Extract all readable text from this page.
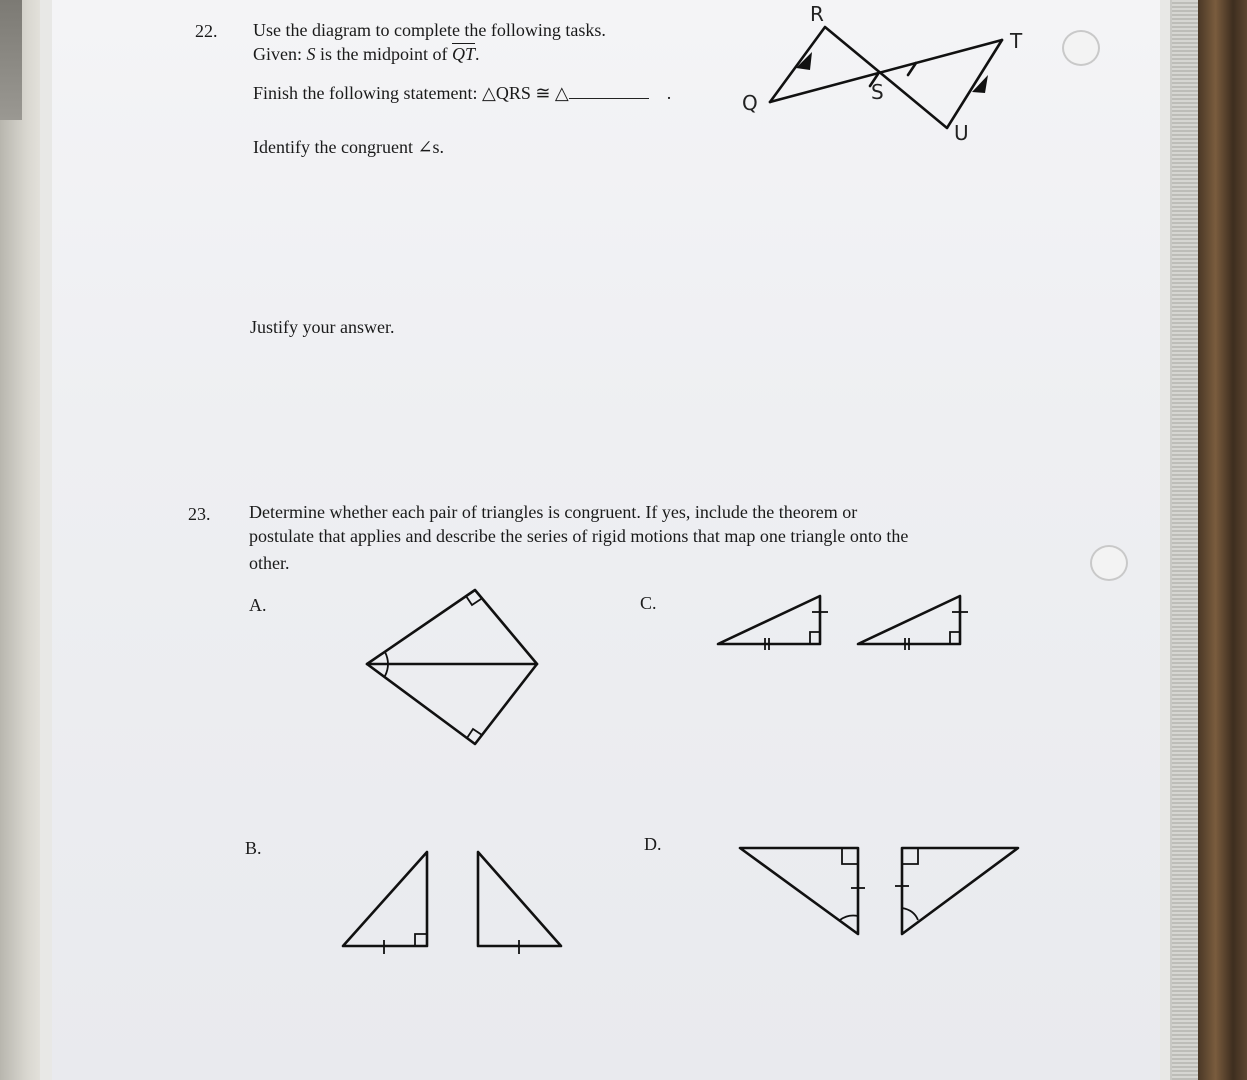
22. Use the diagram to complete the following tasks.
Given: S is the midpoint of $\overline{QT}$.
Finish the following statement: △QRS ≅ △	.
Identify the congruent ∠s.
Justify your answer.
R
T
Q	S
U
23. Determine whether each pair of triangles is congruent. If yes, include the theorem or
postulate that applies and describe the series of rigid motions that map one triangle onto the
other.
A.	C.
B.	D.
